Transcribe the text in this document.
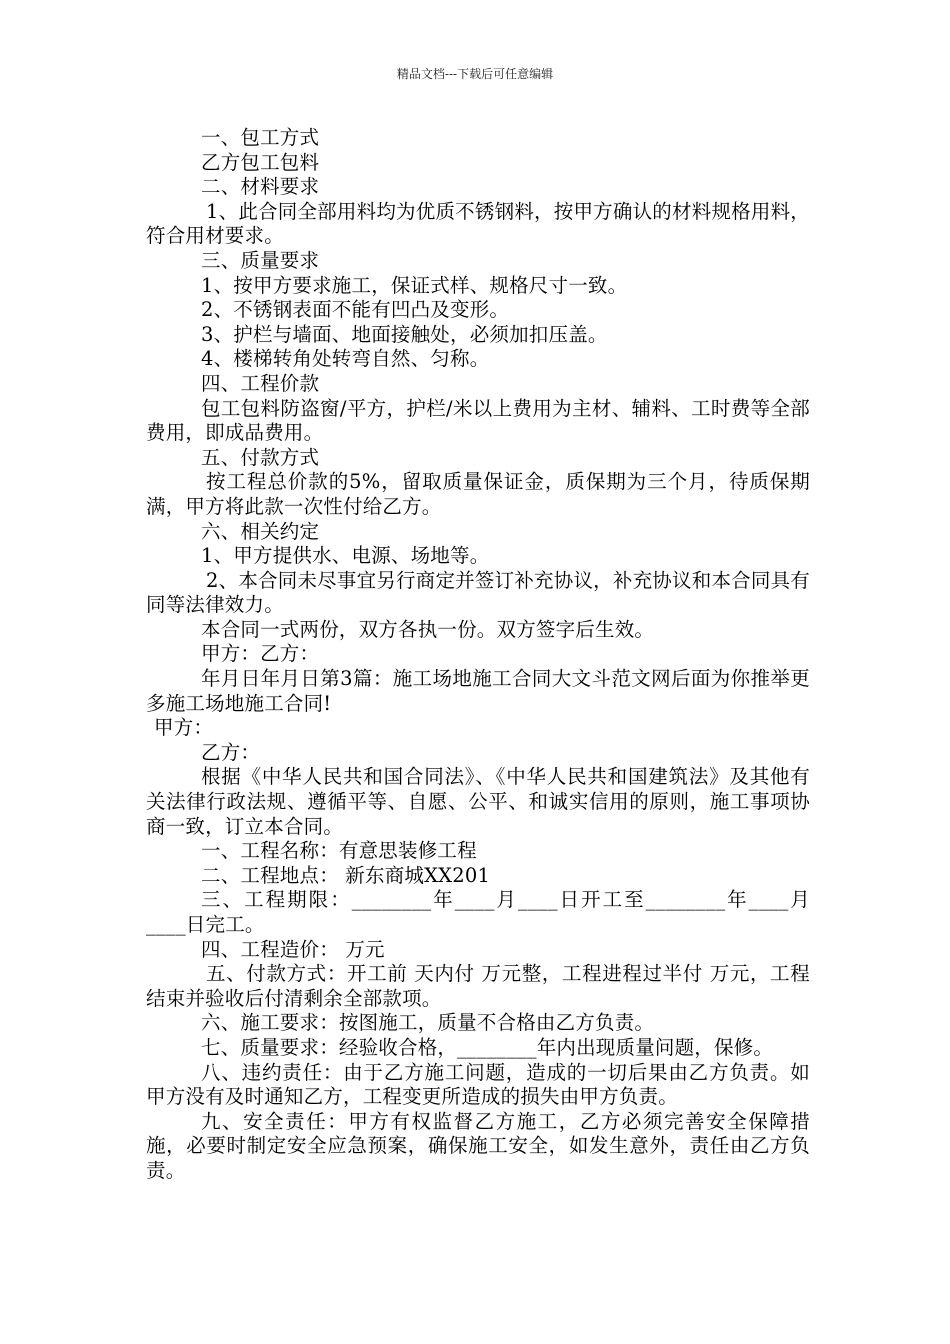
精品文档---下载后可任意编辑

一、包工方式

乙方包工包料

二、材料要求

1、此合同全部用料均为优质不锈钢料，按甲方确认的材料规格用料，符合用材要求。

三、质量要求

1、按甲方要求施工，保证式样、规格尺寸一致。

2、不锈钢表面不能有凹凸及变形。

3、护栏与墙面、地面接触处，必须加扣压盖。

4、楼梯转角处转弯自然、匀称。

四、工程价款

包工包料防盗窗/平方，护栏/米以上费用为主材、辅料、工时费等全部费用，即成品费用。

五、付款方式

按工程总价款的5%，留取质量保证金，质保期为三个月，待质保期满，甲方将此款一次性付给乙方。

六、相关约定

1、甲方提供水、电源、场地等。

2、本合同未尽事宜另行商定并签订补充协议，补充协议和本合同具有同等法律效力。

本合同一式两份，双方各执一份。双方签字后生效。

甲方：乙方：

年月日年月日第3篇：施工场地施工合同大文斗范文网后面为你推举更多施工场地施工合同!

甲方：

乙方：

根据《中华人民共和国合同法》、《中华人民共和国建筑法》及其他有关法律行政法规、遵循平等、自愿、公平、和诚实信用的原则，施工事项协商一致，订立本合同。

一、工程名称：有意思装修工程

二、工程地点： 新东商城XX201

三、工程期限：________年____月____日开工至________年____月____日完工。

四、工程造价： 万元

五、付款方式：开工前 天内付 万元整，工程进程过半付 万元，工程结束并验收后付清剩余全部款项。

六、施工要求：按图施工，质量不合格由乙方负责。

七、质量要求：经验收合格，________年内出现质量问题，保修。

八、违约责任：由于乙方施工问题，造成的一切后果由乙方负责。如甲方没有及时通知乙方，工程变更所造成的损失由甲方负责。

九、安全责任：甲方有权监督乙方施工，乙方必须完善安全保障措施，必要时制定安全应急预案，确保施工安全，如发生意外，责任由乙方负责。
